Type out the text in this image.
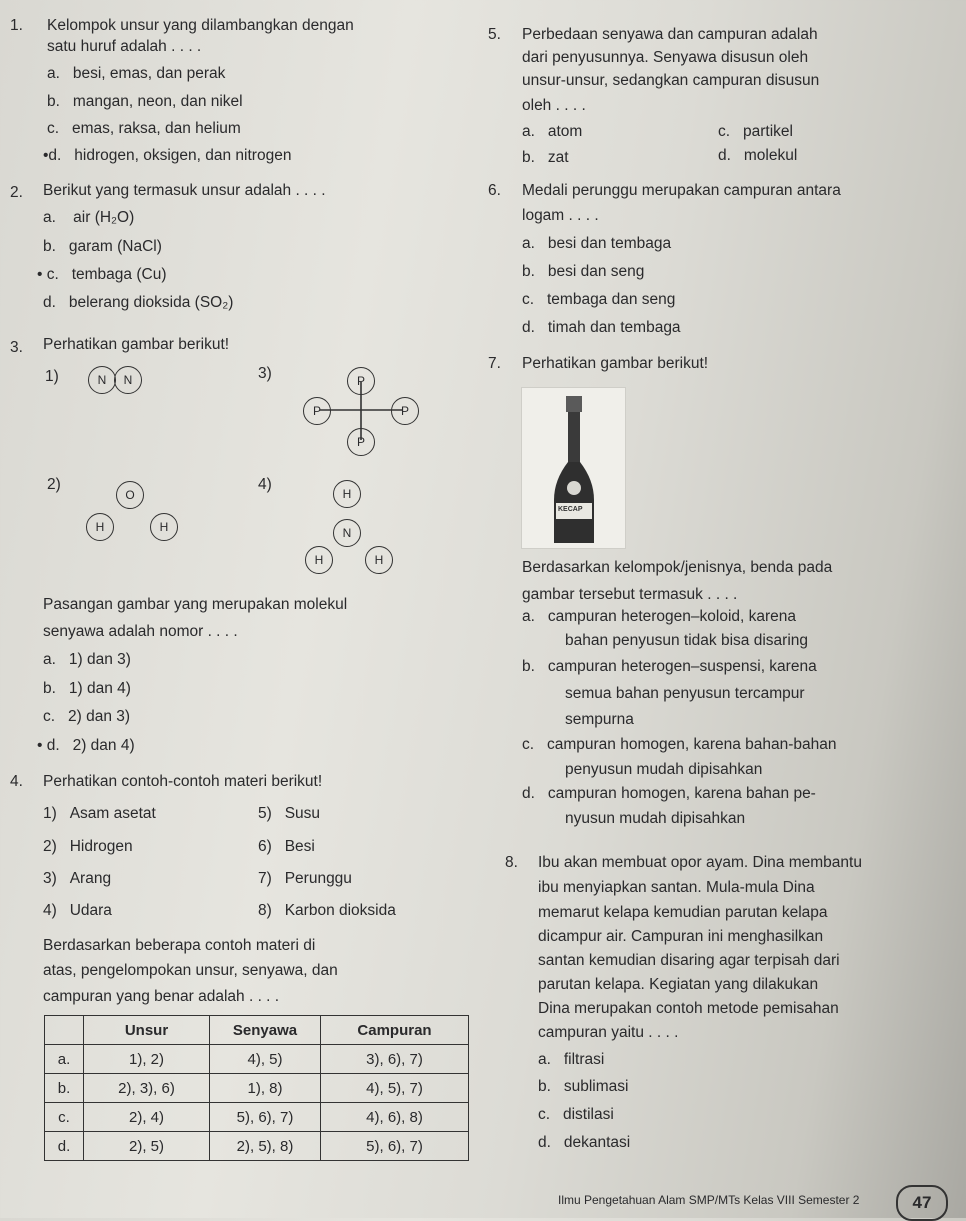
1. Kelompok unsur yang dilambangkan dengan
satu huruf adalah . . . .
a.   besi, emas, dan perak
b.   mangan, neon, dan nikel
c.   emas, raksa, dan helium
•d.   hidrogen, oksigen, dan nitrogen
2. Berikut yang termasuk unsur adalah . . . .
a.    air (H₂O)
b.   garam (NaCl)
• c.   tembaga (Cu)
d.   belerang dioksida (SO₂)
3. Perhatikan gambar berikut!
1)	N	N	3)	P
P	P
P
2)
O
H	H
4)
H
N
H	H
Pasangan gambar yang merupakan molekul
senyawa adalah nomor . . . .
a.   1) dan 3)
b.   1) dan 4)
c.   2) dan 3)
• d.   2) dan 4)
4. Perhatikan contoh-contoh materi berikut!
1)   Asam asetat
2)   Hidrogen
3)   Arang
4)   Udara
5)   Susu
6)   Besi
7)   Perunggu
8)   Karbon dioksida
Berdasarkan beberapa contoh materi di
atas, pengelompokan unsur, senyawa, dan
campuran yang benar adalah . . . .
	Unsur	Senyawa	Campuran
a.	1), 2)	4), 5)	3), 6), 7)
b.	2), 3), 6)	1), 8)	4), 5), 7)
c.	2), 4)	5), 6), 7)	4), 6), 8)
d.	2), 5)	2), 5), 8)	5), 6), 7)
5. Perbedaan senyawa dan campuran adalah
dari penyusunnya. Senyawa disusun oleh
unsur-unsur, sedangkan campuran disusun
oleh . . . .
a.   atom
b.   zat
c.   partikel
d.   molekul
6. Medali perunggu merupakan campuran antara
logam . . . .
a.   besi dan tembaga
b.   besi dan seng
c.   tembaga dan seng
d.   timah dan tembaga
7. Perhatikan gambar berikut!
KECAP
Berdasarkan kelompok/jenisnya, benda pada
gambar tersebut termasuk . . . .
a.   campuran heterogen–koloid, karena
bahan penyusun tidak bisa disaring
b.   campuran heterogen–suspensi, karena
semua bahan penyusun tercampur
sempurna
c.   campuran homogen, karena bahan-bahan
penyusun mudah dipisahkan
d.   campuran homogen, karena bahan pe-
nyusun mudah dipisahkan
8. Ibu akan membuat opor ayam. Dina membantu
ibu menyiapkan santan. Mula-mula Dina
memarut kelapa kemudian parutan kelapa
dicampur air. Campuran ini menghasilkan
santan kemudian disaring agar terpisah dari
parutan kelapa. Kegiatan yang dilakukan
Dina merupakan contoh metode pemisahan
campuran yaitu . . . .
a.   filtrasi
b.   sublimasi
c.   distilasi
d.   dekantasi
Ilmu Pengetahuan Alam SMP/MTs Kelas VIII Semester 2	47
